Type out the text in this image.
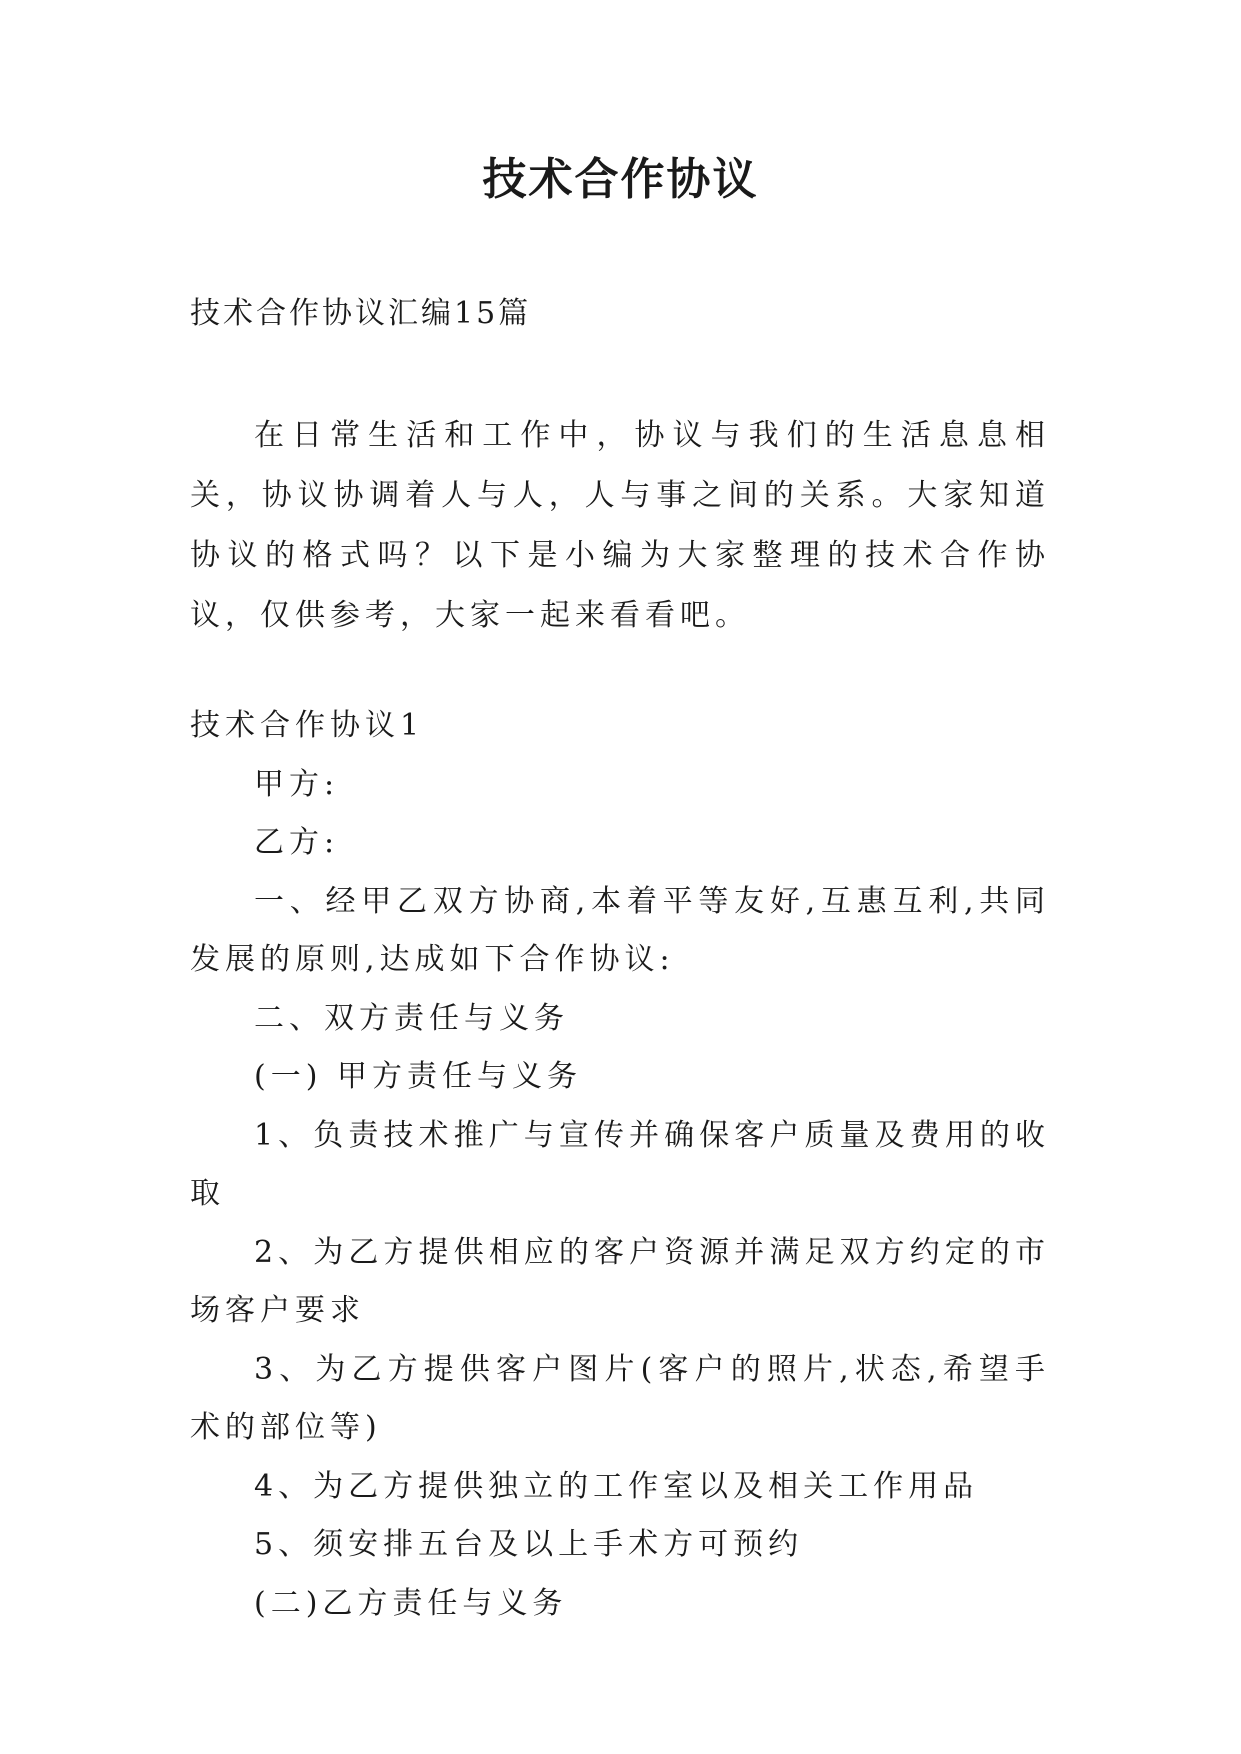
技术合作协议
技术合作协议汇编15篇

在日常生活和工作中，协议与我们的生活息息相关，协议协调着人与人，人与事之间的关系。大家知道协议的格式吗？以下是小编为大家整理的技术合作协议，仅供参考，大家一起来看看吧。

技术合作协议1

甲方:

乙方:

一、经甲乙双方协商,本着平等友好,互惠互利,共同发展的原则,达成如下合作协议:

二、双方责任与义务

(一) 甲方责任与义务

1、负责技术推广与宣传并确保客户质量及费用的收取

2、为乙方提供相应的客户资源并满足双方约定的市场客户要求

3、为乙方提供客户图片(客户的照片,状态,希望手术的部位等)

4、为乙方提供独立的工作室以及相关工作用品

5、须安排五台及以上手术方可预约

(二)乙方责任与义务
